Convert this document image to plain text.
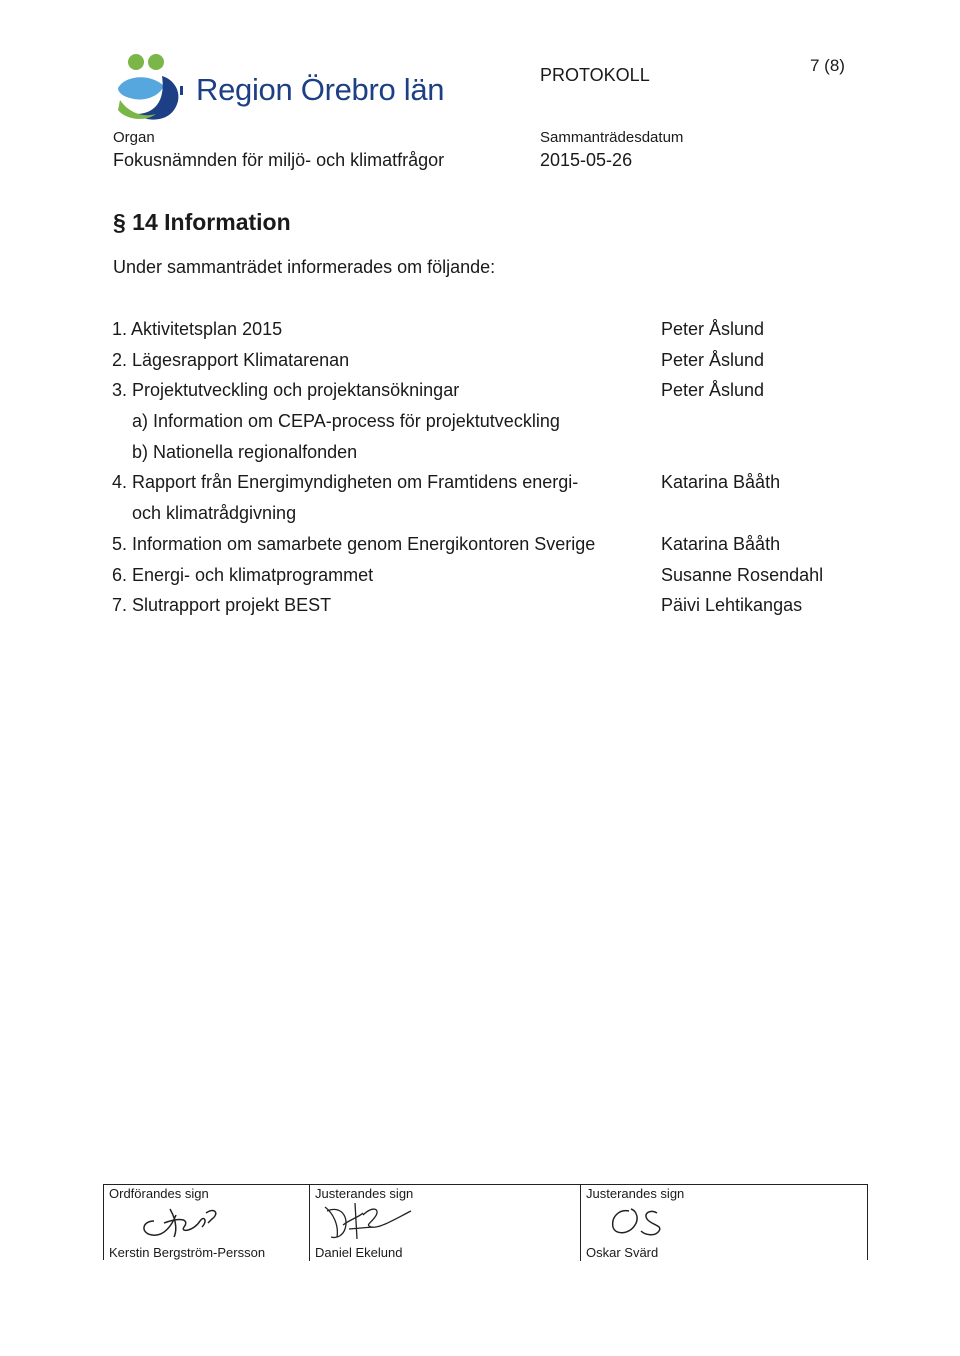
Region Örebro län	PROTOKOLL	7 (8)
Organ
Fokusnämnden för miljö- och klimatfrågor
Sammanträdesdatum
2015-05-26
§ 14 Information

Under sammanträdet informerades om följande:

1. Aktivitetsplan 2015	Peter Åslund
2. Lägesrapport Klimatarenan	Peter Åslund
3. Projektutveckling och projektansökningar	Peter Åslund
a) Information om CEPA-process för projektutveckling
b) Nationella regionalfonden
4. Rapport från Energimyndigheten om Framtidens energi-	Katarina Bååth
och klimatrådgivning
5. Information om samarbete genom Energikontoren Sverige	Katarina Bååth
6. Energi- och klimatprogrammet	Susanne Rosendahl
7. Slutrapport projekt BEST	Päivi Lehtikangas
Ordförandes sign
Kerstin Bergström-Persson
Justerandes sign
Daniel Ekelund
Justerandes sign
Oskar Svärd
